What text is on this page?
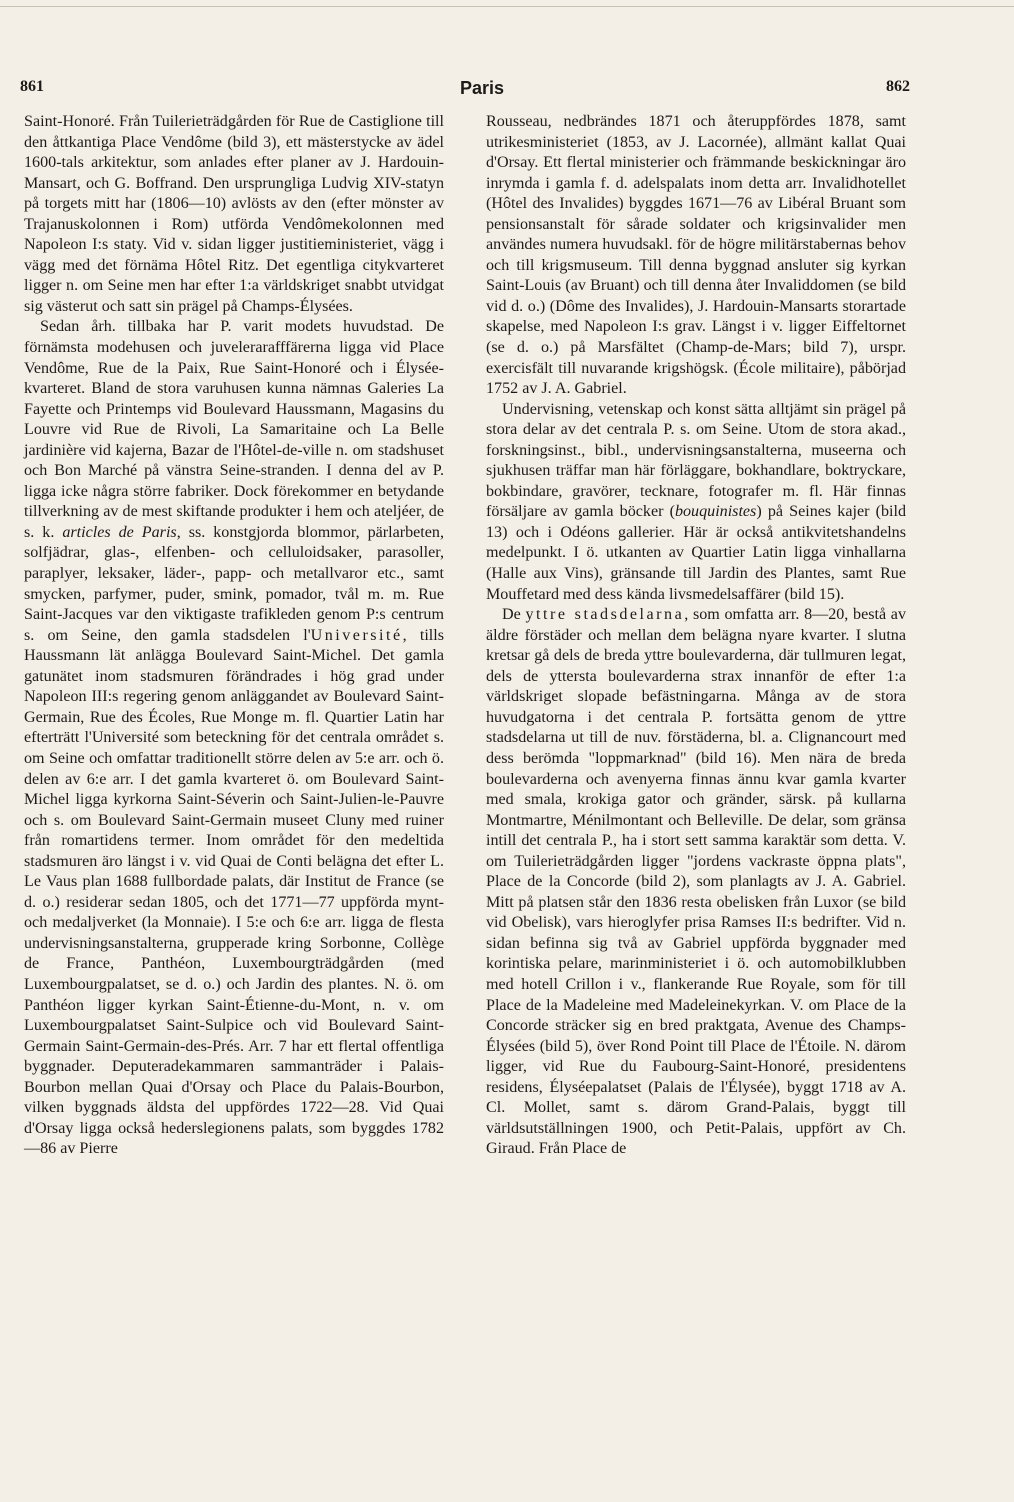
861	Paris	862

Saint-Honoré. Från Tuilerieträdgården för Rue de Castiglione till den åttkantiga Place Vendôme (bild 3), ett mästerstycke av ädel 1600-tals arkitektur, som anlades efter planer av J. Hardouin-Mansart, och G. Boffrand. Den ursprungliga Ludvig XIV-statyn på torgets mitt har (1806—10) avlösts av den (efter mönster av Trajanuskolonnen i Rom) utförda Vendômekolonnen med Napoleon I:s staty. Vid v. sidan ligger justitieministeriet, vägg i vägg med det förnäma Hôtel Ritz. Det egentliga citykvarteret ligger n. om Seine men har efter 1:a världskriget snabbt utvidgat sig västerut och satt sin prägel på Champs-Élysées.

Sedan årh. tillbaka har P. varit modets huvudstad. De förnämsta modehusen och juvelerarafffärerna ligga vid Place Vendôme, Rue de la Paix, Rue Saint-Honoré och i Élysée-kvarteret. Bland de stora varuhusen kunna nämnas Galeries La Fayette och Printemps vid Boulevard Haussmann, Magasins du Louvre vid Rue de Rivoli, La Samaritaine och La Belle jardinière vid kajerna, Bazar de l'Hôtel-de-ville n. om stadshuset och Bon Marché på vänstra Seine-stranden. I denna del av P. ligga icke några större fabriker. Dock förekommer en betydande tillverkning av de mest skiftande produkter i hem och ateljéer, de s. k. articles de Paris, ss. konstgjorda blommor, pärlarbeten, solfjädrar, glas-, elfenben- och celluloidsaker, parasoller, paraplyer, leksaker, läder-, papp- och metallvaror etc., samt smycken, parfymer, puder, smink, pomador, tvål m. m. Rue Saint-Jacques var den viktigaste trafikleden genom P:s centrum s. om Seine, den gamla stadsdelen l'Université, tills Haussmann lät anlägga Boulevard Saint-Michel. Det gamla gatunätet inom stadsmuren förändrades i hög grad under Napoleon III:s regering genom anläggandet av Boulevard Saint-Germain, Rue des Écoles, Rue Monge m. fl. Quartier Latin har efterträtt l'Université som beteckning för det centrala området s. om Seine och omfattar traditionellt större delen av 5:e arr. och ö. delen av 6:e arr. I det gamla kvarteret ö. om Boulevard Saint-Michel ligga kyrkorna Saint-Séverin och Saint-Julien-le-Pauvre och s. om Boulevard Saint-Germain museet Cluny med ruiner från romartidens termer. Inom området för den medeltida stadsmuren äro längst i v. vid Quai de Conti belägna det efter L. Le Vaus plan 1688 fullbordade palats, där Institut de France (se d. o.) residerar sedan 1805, och det 1771—77 uppförda mynt- och medaljverket (la Monnaie). I 5:e och 6:e arr. ligga de flesta undervisningsanstalterna, grupperade kring Sorbonne, Collège de France, Panthéon, Luxembourgträdgården (med Luxembourgpalatset, se d. o.) och Jardin des plantes. N. ö. om Panthéon ligger kyrkan Saint-Étienne-du-Mont, n. v. om Luxembourgpalatset Saint-Sulpice och vid Boulevard Saint-Germain Saint-Germain-des-Prés. Arr. 7 har ett flertal offentliga byggnader. Deputeradekammaren sammanträder i Palais-Bourbon mellan Quai d'Orsay och Place du Palais-Bourbon, vilken byggnads äldsta del uppfördes 1722—28. Vid Quai d'Orsay ligga också hederslegionens palats, som byggdes 1782—86 av Pierre

Rousseau, nedbrändes 1871 och återuppfördes 1878, samt utrikesministeriet (1853, av J. Lacornée), allmänt kallat Quai d'Orsay. Ett flertal ministerier och främmande beskickningar äro inrymda i gamla f. d. adelspalats inom detta arr. Invalidhotellet (Hôtel des Invalides) byggdes 1671—76 av Libéral Bruant som pensionsanstalt för sårade soldater och krigsinvalider men användes numera huvudsakl. för de högre militärstabernas behov och till krigsmuseum. Till denna byggnad ansluter sig kyrkan Saint-Louis (av Bruant) och till denna åter Invaliddomen (se bild vid d. o.) (Dôme des Invalides), J. Hardouin-Mansarts storartade skapelse, med Napoleon I:s grav. Längst i v. ligger Eiffeltornet (se d. o.) på Marsfältet (Champ-de-Mars; bild 7), urspr. exercisfält till nuvarande krigshögsk. (École militaire), påbörjad 1752 av J. A. Gabriel.

Undervisning, vetenskap och konst sätta alltjämt sin prägel på stora delar av det centrala P. s. om Seine. Utom de stora akad., forskningsinst., bibl., undervisningsanstalterna, museerna och sjukhusen träffar man här förläggare, bokhandlare, boktryckare, bokbindare, gravörer, tecknare, fotografer m. fl. Här finnas försäljare av gamla böcker (bouquinistes) på Seines kajer (bild 13) och i Odéons gallerier. Här är också antikvitetshandelns medelpunkt. I ö. utkanten av Quartier Latin ligga vinhallarna (Halle aux Vins), gränsande till Jardin des Plantes, samt Rue Mouffetard med dess kända livsmedelsaffärer (bild 15).

De yttre stadsdelarna, som omfatta arr. 8—20, bestå av äldre förstäder och mellan dem belägna nyare kvarter. I slutna kretsar gå dels de breda yttre boulevarderna, där tullmuren legat, dels de yttersta boulevarderna strax innanför de efter 1:a världskriget slopade befästningarna. Många av de stora huvudgatorna i det centrala P. fortsätta genom de yttre stadsdelarna ut till de nuv. förstäderna, bl. a. Clignancourt med dess berömda "loppmarknad" (bild 16). Men nära de breda boulevarderna och avenyerna finnas ännu kvar gamla kvarter med smala, krokiga gator och gränder, särsk. på kullarna Montmartre, Ménilmontant och Belleville. De delar, som gränsa intill det centrala P., ha i stort sett samma karaktär som detta. V. om Tuilerieträdgården ligger "jordens vackraste öppna plats", Place de la Concorde (bild 2), som planlagts av J. A. Gabriel. Mitt på platsen står den 1836 resta obelisken från Luxor (se bild vid Obelisk), vars hieroglyfer prisa Ramses II:s bedrifter. Vid n. sidan befinna sig två av Gabriel uppförda byggnader med korintiska pelare, marinministeriet i ö. och automobilklubben med hotell Crillon i v., flankerande Rue Royale, som för till Place de la Madeleine med Madeleinekyrkan. V. om Place de la Concorde sträcker sig en bred praktgata, Avenue des Champs-Élysées (bild 5), över Rond Point till Place de l'Étoile. N. därom ligger, vid Rue du Faubourg-Saint-Honoré, presidentens residens, Élyséepalatset (Palais de l'Élysée), byggt 1718 av A. Cl. Mollet, samt s. därom Grand-Palais, byggt till världsutställningen 1900, och Petit-Palais, uppfört av Ch. Giraud. Från Place de
